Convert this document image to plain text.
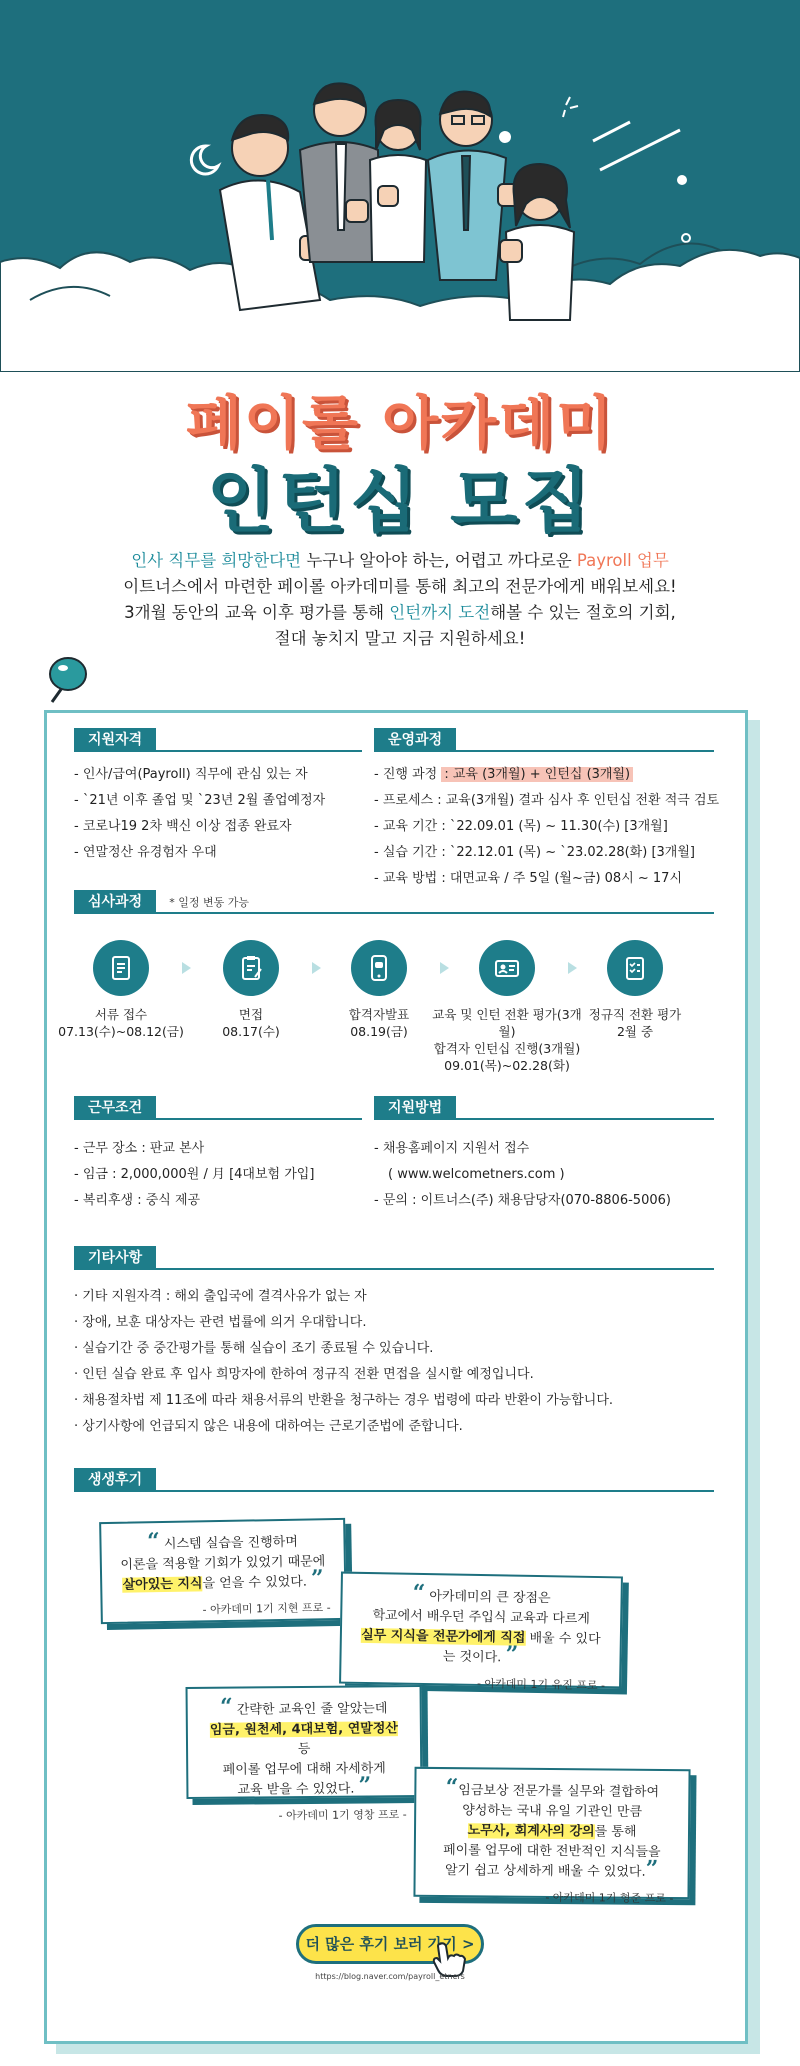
페이롤 아카데미
인턴십 모집
인사 직무를 희망한다면 누구나 알아야 하는, 어렵고 까다로운 Payroll 업무
이트너스에서 마련한 페이롤 아카데미를 통해 최고의 전문가에게 배워보세요!
3개월 동안의 교육 이후 평가를 통해 인턴까지 도전해볼 수 있는 절호의 기회,
절대 놓치지 말고 지금 지원하세요!
지원자격
- 인사/급여(Payroll) 직무에 관심 있는 자
- `21년 이후 졸업 및 `23년 2월 졸업예정자
- 코로나19 2차 백신 이상 접종 완료자
- 연말정산 유경험자 우대
운영과정
- 진행 과정 : 교육 (3개월) + 인턴십 (3개월)
- 프로세스 : 교육(3개월) 결과 심사 후 인턴십 전환 적극 검토
- 교육 기간 : `22.09.01 (목) ~ 11.30(수) [3개월]
- 실습 기간 : `22.12.01 (목) ~ `23.02.28(화) [3개월]
- 교육 방법 : 대면교육 / 주 5일 (월~금) 08시 ~ 17시
심사과정 * 일정 변동 가능
서류 접수
07.13(수)~08.12(금)
면접
08.17(수)
합격자발표
08.19(금)
교육 및 인턴 전환 평가(3개월)
합격자 인턴십 진행(3개월)
09.01(목)~02.28(화)
정규직 전환 평가
2월 중
근무조건
- 근무 장소 : 판교 본사
- 임금 : 2,000,000원 / 月 [4대보험 가입]
- 복리후생 : 중식 제공
지원방법
- 채용홈페이지 지원서 접수
( www.welcometners.com )
- 문의 : 이트너스(주) 채용담당자(070-8806-5006)
기타사항
· 기타 지원자격 : 해외 출입국에 결격사유가 없는 자
· 장애, 보훈 대상자는 관련 법률에 의거 우대합니다.
· 실습기간 중 중간평가를 통해 실습이 조기 종료될 수 있습니다.
· 인턴 실습 완료 후 입사 희망자에 한하여 정규직 전환 면접을 실시할 예정입니다.
· 채용절차법 제 11조에 따라 채용서류의 반환을 청구하는 경우 법령에 따라 반환이 가능합니다.
· 상기사항에 언급되지 않은 내용에 대하여는 근로기준법에 준합니다.
생생후기
“ 시스템 실습을 진행하며
이론을 적용할 기회가 있었기 때문에
살아있는 지식을 얻을 수 있었다. ”
- 아카데미 1기 지현 프로 -
“ 아카데미의 큰 장점은
학교에서 배우던 주입식 교육과 다르게
실무 지식을 전문가에게 직접 배울 수 있다는 것이다. ”
- 아카데미 1기 유진 프로 -
“ 간략한 교육인 줄 알았는데
임금, 원천세, 4대보험, 연말정산 등
페이롤 업무에 대해 자세하게
교육 받을 수 있었다. ”
- 아카데미 1기 영창 프로 -
“임금보상 전문가를 실무와 결합하여
양성하는 국내 유일 기관인 만큼
노무사, 회계사의 강의를 통해
페이롤 업무에 대한 전반적인 지식들을
알기 쉽고 상세하게 배울 수 있었다.”
- 아카데미 1기 형준 프로 -
더 많은 후기 보러 가기 >
https://blog.naver.com/payroll_etners
